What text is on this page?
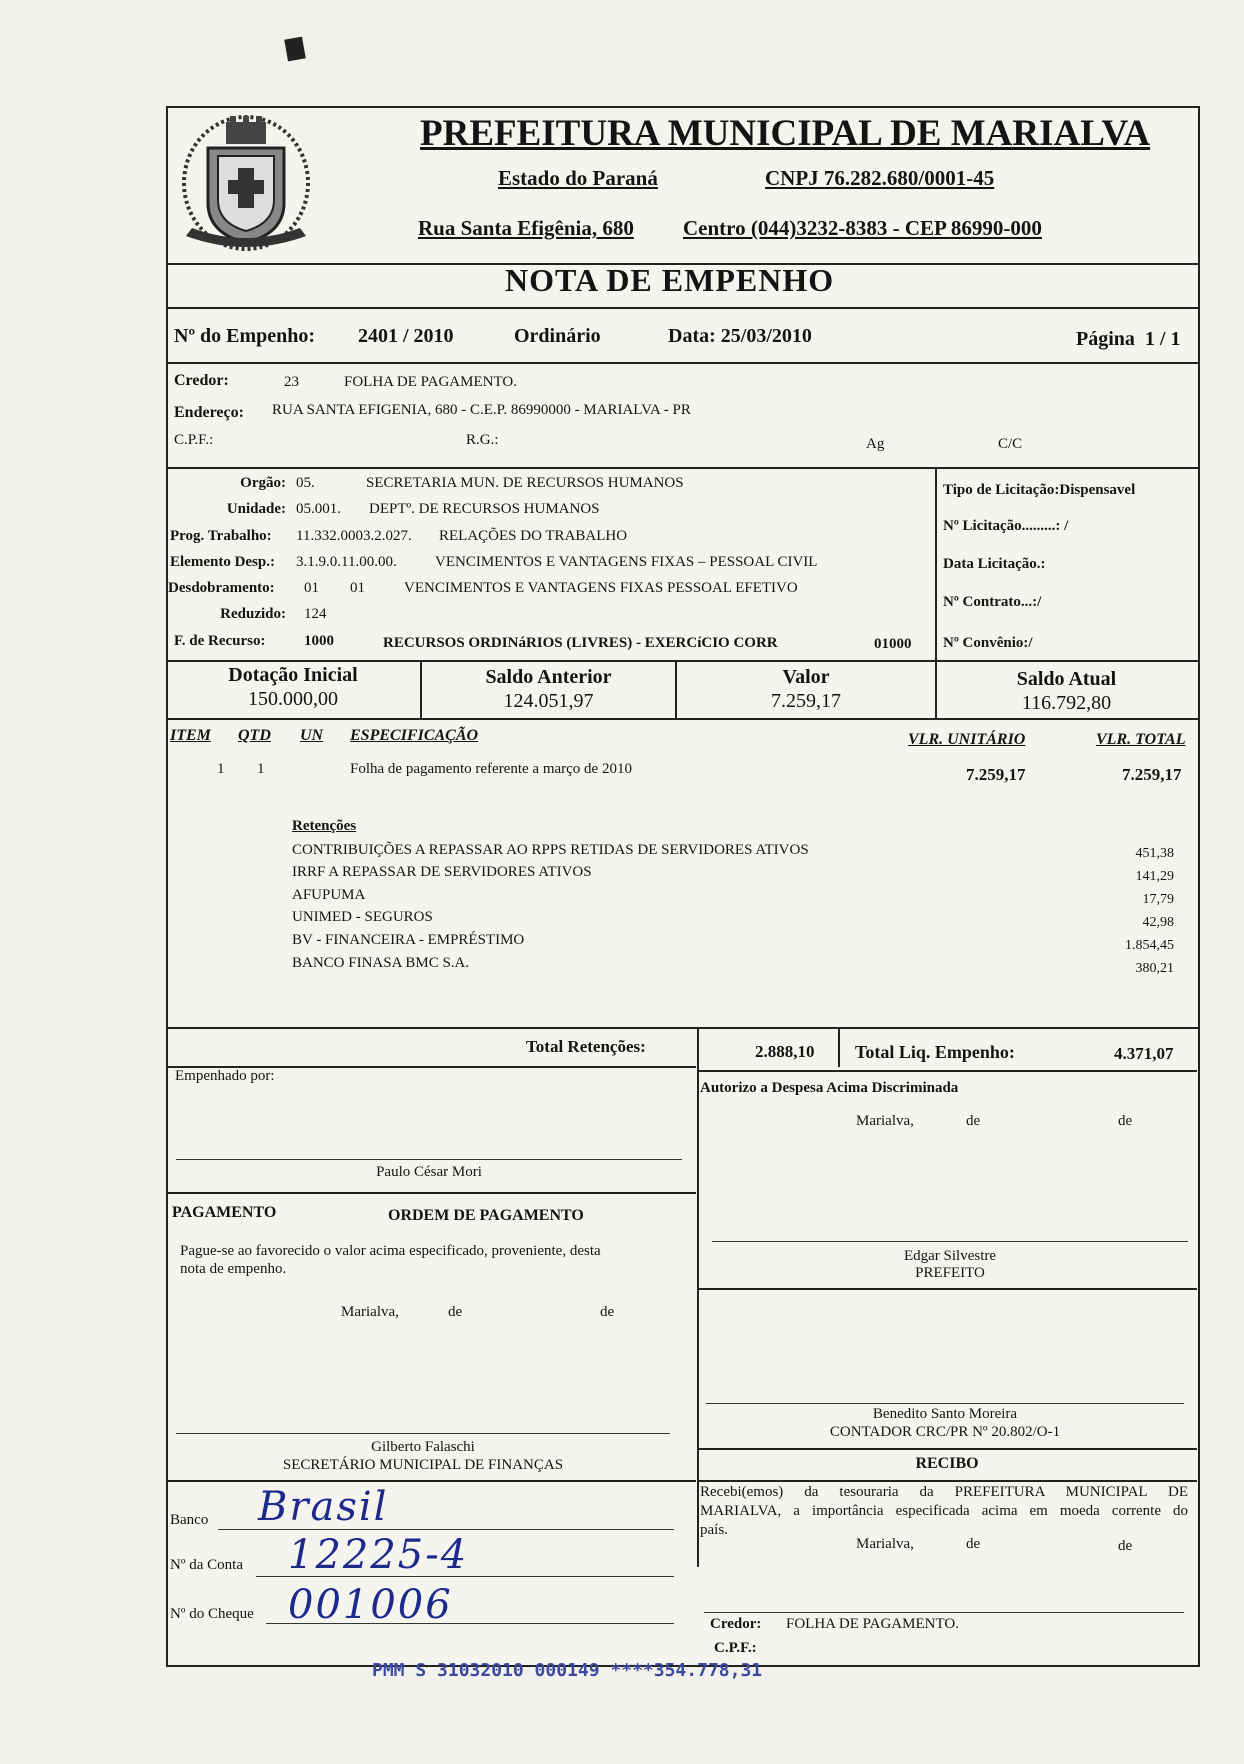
PREFEITURA MUNICIPAL DE MARIALVA
Estado do Paraná	CNPJ 76.282.680/0001-45
Rua Santa Efigênia, 680 Centro (044)3232-8383 - CEP 86990-000
NOTA DE EMPENHO
Nº do Empenho: 2401 / 2010	Ordinário	Data: 25/03/2010	Página 1 / 1
Credor:	23	FOLHA DE PAGAMENTO.
Endereço: RUA SANTA EFIGENIA, 680 - C.E.P. 86990000 - MARIALVA - PR
C.P.F.:	R.G.:	Ag	C/C
Orgão: 05.	SECRETARIA MUN. DE RECURSOS HUMANOS
Unidade: 05.001. DEPTº. DE RECURSOS HUMANOS
Prog. Trabalho: 11.332.0003.2.027. RELAÇÕES DO TRABALHO
Elemento Desp.: 3.1.9.0.11.00.00.	VENCIMENTOS E VANTAGENS FIXAS – PESSOAL CIVIL
Desdobramento: 01 01	VENCIMENTOS E VANTAGENS FIXAS PESSOAL EFETIVO
Reduzido: 124
F. de Recurso:	1000	RECURSOS ORDINáRIOS (LIVRES) - EXERCíCIO CORR	01000
Tipo de Licitação:Dispensavel
Nº Licitação.........: /
Data Licitação.:
Nº Contrato...:/
Nº Convênio:/
Dotação Inicial
150.000,00
Saldo Anterior
124.051,97
Valor
7.259,17
Saldo Atual
116.792,80
ITEM QTD UN ESPECIFICAÇÃO	VLR. UNITÁRIO	VLR. TOTAL
1 1	Folha de pagamento referente a março de 2010	7.259,17	7.259,17
Retenções
CONTRIBUIÇÕES A REPASSAR AO RPPS RETIDAS DE SERVIDORES ATIVOS	451,38
IRRF A REPASSAR DE SERVIDORES ATIVOS	141,29
AFUPUMA	17,79
UNIMED - SEGUROS	42,98
BV - FINANCEIRA - EMPRÉSTIMO	1.854,45
BANCO FINASA BMC S.A.	380,21
Total Retenções:	2.888,10 Total Liq. Empenho:	4.371,07
Empenhado por:
Paulo César Mori
Autorizo a Despesa Acima Discriminada
Marialva,	de	de
Edgar Silvestre
PREFEITO
PAGAMENTO	ORDEM DE PAGAMENTO
Pague-se ao favorecido o valor acima especificado, proveniente, desta
nota de empenho.
Marialva,	de	de
Gilberto Falaschi
SECRETÁRIO MUNICIPAL DE FINANÇAS
Benedito Santo Moreira
CONTADOR CRC/PR Nº 20.802/O-1
RECIBO
Recebi(emos) da tesouraria da PREFEITURA MUNICIPAL DE
MARIALVA, a importância especificada acima em moeda corrente do
país.
Marialva,	de	de
Credor: FOLHA DE PAGAMENTO.
C.P.F.:
Banco Brasil
Nº da Conta 12225-4
Nº do Cheque 001006
PMM S 31032010 000149 ****354.778,31
